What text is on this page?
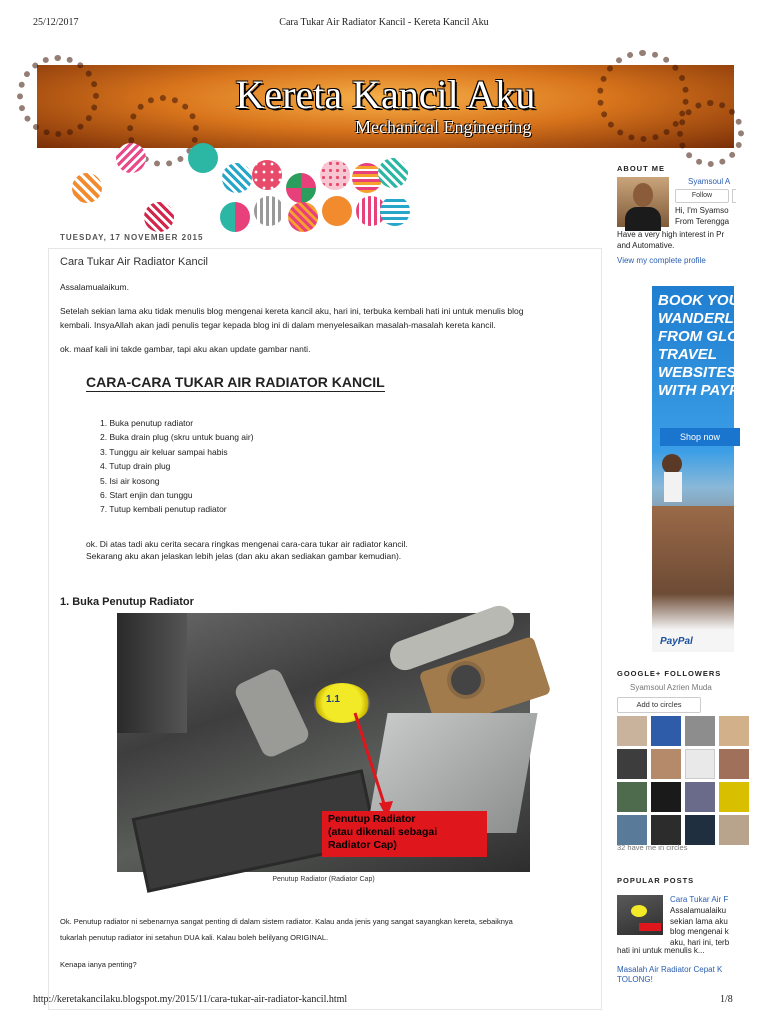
25/12/2017	Cara Tukar Air Radiator Kancil - Kereta Kancil Aku
Kereta Kancil Aku
Mechanical Engineering
TUESDAY, 17 NOVEMBER 2015
Cara Tukar Air Radiator Kancil
Assalamualaikum.
Setelah sekian lama aku tidak menulis blog mengenai kereta kancil aku, hari ini, terbuka kembali hati ini untuk menulis blog
kembali. InsyaAllah akan jadi penulis tegar kepada blog ini di dalam menyelesaikan masalah-masalah kereta kancil.
ok. maaf kali ini takde gambar, tapi aku akan update gambar nanti.
CARA-CARA TUKAR AIR RADIATOR KANCIL
1. Buka penutup radiator
2. Buka drain plug (skru untuk buang air)
3. Tunggu air keluar sampai habis
4. Tutup drain plug
5. Isi air kosong
6. Start enjin dan tunggu
7. Tutup kembali penutup radiator
ok. Di atas tadi aku cerita secara ringkas mengenai cara-cara tukar air radiator kancil.
Sekarang aku akan jelaskan lebih jelas (dan aku akan sediakan gambar kemudian).
1. Buka Penutup Radiator
1.1
Penutup Radiator
(atau dikenali sebagai
Radiator Cap)
Penutup Radiator (Radiator Cap)
Ok. Penutup radiator ni sebenarnya sangat penting di dalam sistem radiator. Kalau anda jenis yang sangat sayangkan kereta, sebaiknya
tukarlah penutup radiator ini setahun DUA kali. Kalau boleh belilyang ORIGINAL.
Kenapa ianya penting?
ABOUT ME
Syamsoul A
Follow
Hi, I'm Syamso
From Terengga
Have a very high interest in Pr
and Automative.
View my complete profile
BOOK YOU
WANDERLU
FROM GLOB
TRAVEL
WEBSITES
WITH PAYPA
Shop now
PayPal
GOOGLE+ FOLLOWERS
Syamsoul Azrien Muda
Add to circles
32 have me in circles
POPULAR POSTS
Cara Tukar Air F
Assalamualaiku
sekian lama aku
blog mengenai k
aku, hari ini, terb
hati ini untuk menulis k...
Masalah Air Radiator Cepat K
TOLONG!
http://keretakancilaku.blogspot.my/2015/11/cara-tukar-air-radiator-kancil.html	1/8
